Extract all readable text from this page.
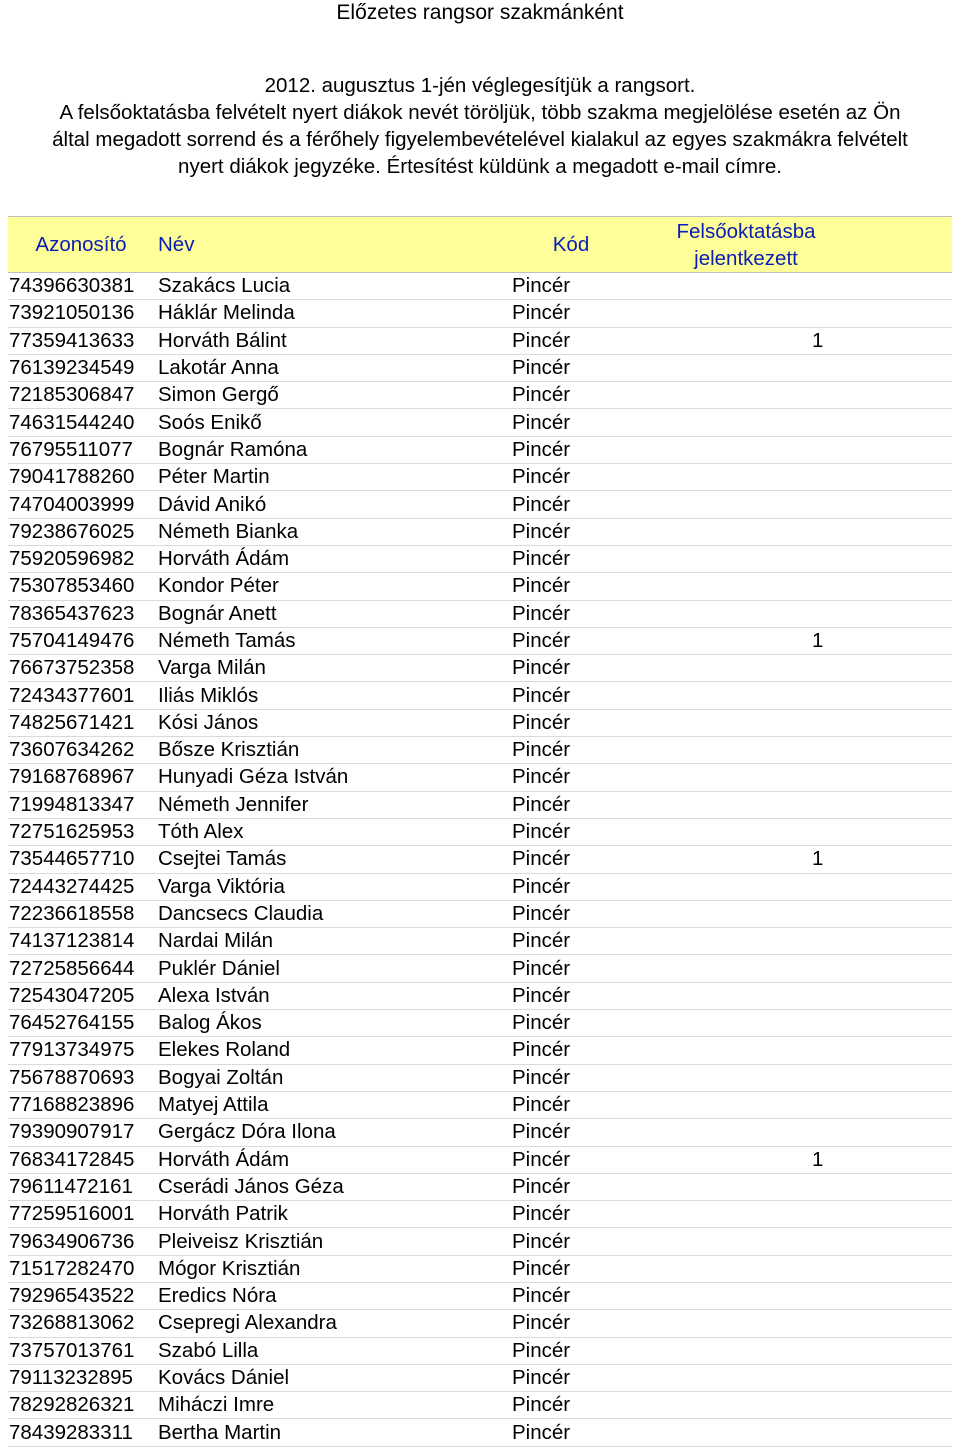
Előzetes rangsor szakmánként
2012. augusztus 1-jén véglegesítjük a rangsort.
A felsőoktatásba felvételt nyert diákok nevét töröljük, több szakma megjelölése esetén az Ön
által megadott sorrend és a férőhely figyelembevételével kialakul az egyes szakmákra felvételt
nyert diákok jegyzéke. Értesítést küldünk a megadott e-mail címre.
Azonosító	Név	Kód	Felsőoktatásba jelentkezett
74396630381	Szakács Lucia	Pincér	
73921050136	Háklár Melinda	Pincér	
77359413633	Horváth Bálint	Pincér	1
76139234549	Lakotár Anna	Pincér	
72185306847	Simon Gergő	Pincér	
74631544240	Soós Enikő	Pincér	
76795511077	Bognár Ramóna	Pincér	
79041788260	Péter Martin	Pincér	
74704003999	Dávid Anikó	Pincér	
79238676025	Németh Bianka	Pincér	
75920596982	Horváth Ádám	Pincér	
75307853460	Kondor Péter	Pincér	
78365437623	Bognár Anett	Pincér	
75704149476	Németh Tamás	Pincér	1
76673752358	Varga Milán	Pincér	
72434377601	Iliás Miklós	Pincér	
74825671421	Kósi János	Pincér	
73607634262	Bősze Krisztián	Pincér	
79168768967	Hunyadi Géza István	Pincér	
71994813347	Németh Jennifer	Pincér	
72751625953	Tóth Alex	Pincér	
73544657710	Csejtei Tamás	Pincér	1
72443274425	Varga Viktória	Pincér	
72236618558	Dancsecs Claudia	Pincér	
74137123814	Nardai Milán	Pincér	
72725856644	Puklér Dániel	Pincér	
72543047205	Alexa István	Pincér	
76452764155	Balog Ákos	Pincér	
77913734975	Elekes Roland	Pincér	
75678870693	Bogyai Zoltán	Pincér	
77168823896	Matyej Attila	Pincér	
79390907917	Gergácz Dóra Ilona	Pincér	
76834172845	Horváth Ádám	Pincér	1
79611472161	Cserádi János Géza	Pincér	
77259516001	Horváth Patrik	Pincér	
79634906736	Pleiveisz Krisztián	Pincér	
71517282470	Mógor Krisztián	Pincér	
79296543522	Eredics Nóra	Pincér	
73268813062	Csepregi Alexandra	Pincér	
73757013761	Szabó Lilla	Pincér	
79113232895	Kovács Dániel	Pincér	
78292826321	Miháczi Imre	Pincér	
78439283311	Bertha Martin	Pincér	
